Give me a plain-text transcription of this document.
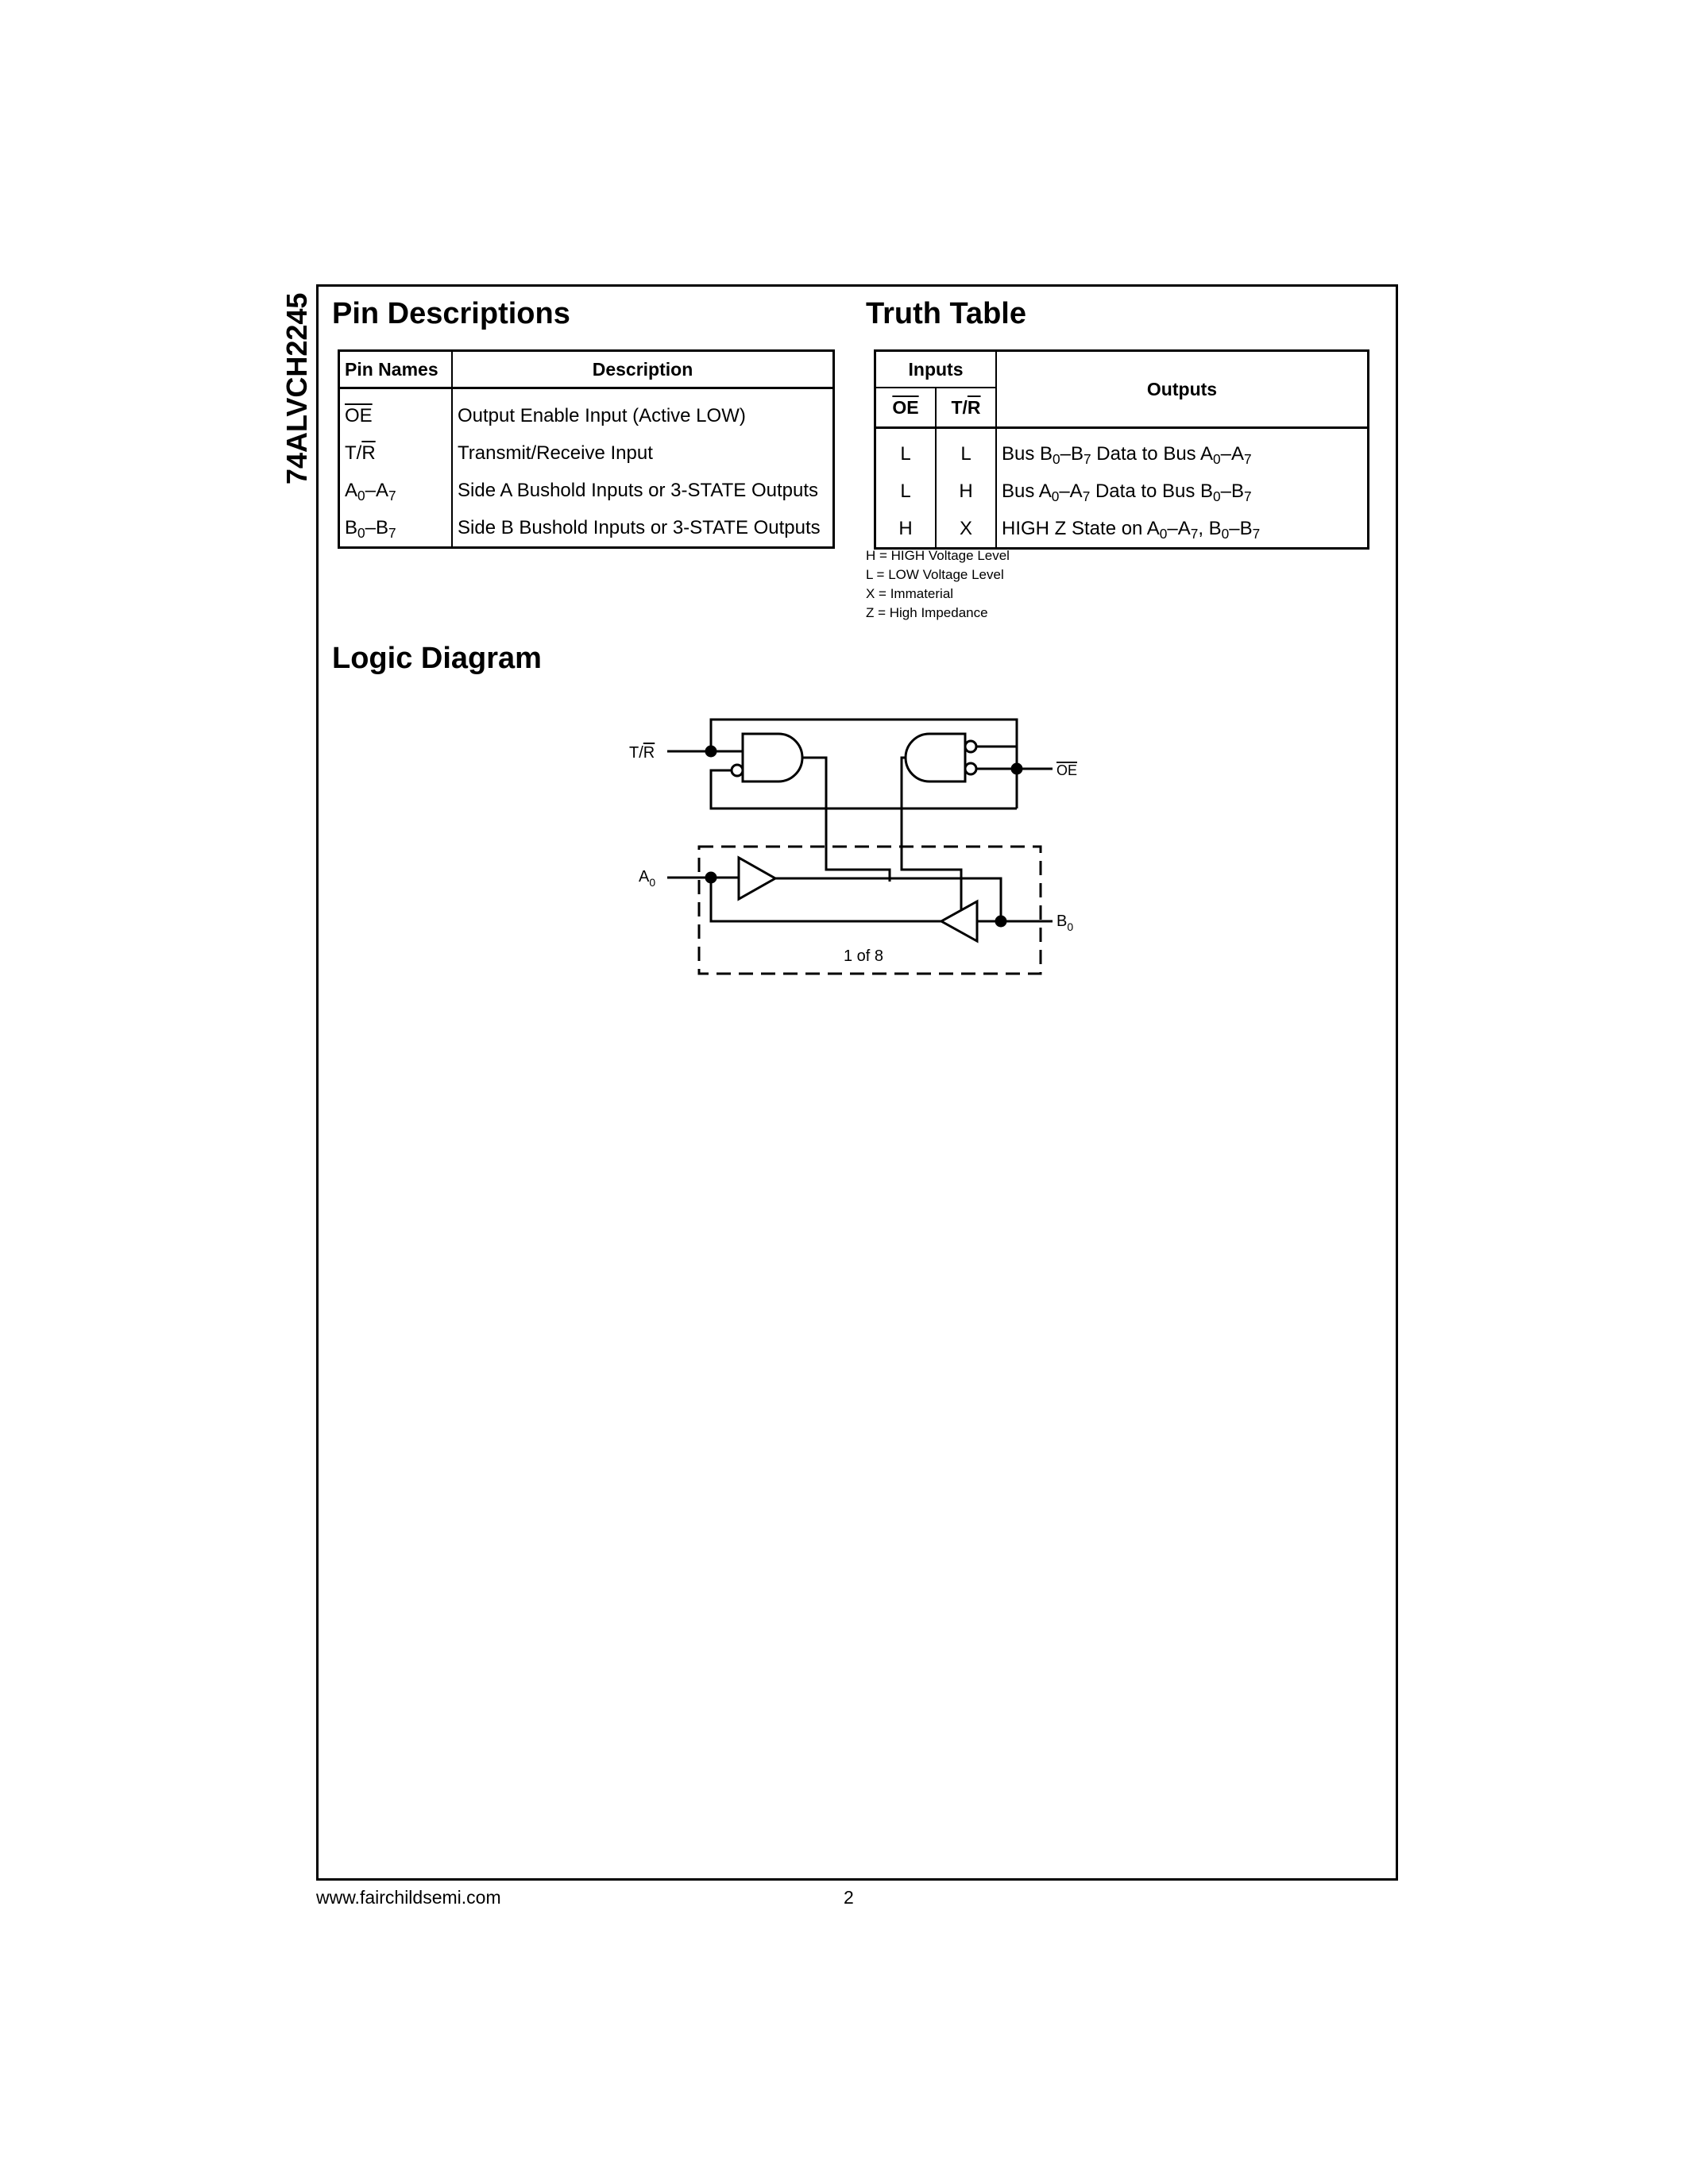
74ALVCH2245 Pin Descriptions	Truth Table
Pin Names	Description
$\overline{OE}$	Output Enable Input (Active LOW)
$T/\overline{R}$	Transmit/Receive Input
$A_0-A_7$	Side A Bushold Inputs or 3-STATE Outputs
$B_0-B_7$	Side B Bushold Inputs or 3-STATE Outputs
Inputs		Outputs
$\overline{OE}$	$T/\overline{R}$
L	L	Bus $B_0-B_7$ Data to Bus $A_0-A_7$
L	H	Bus $A_0-A_7$ Data to Bus $B_0-B_7$
H	X	HIGH Z State on $A_0-A_7$, $B_0-B_7$
H = HIGH Voltage Level
L = LOW Voltage Level
X = Immaterial
Z = High Impedance
Logic Diagram
T/R
OE
$A_0$
$B_0$
1 of 8
www.fairchildsemi.com	2
